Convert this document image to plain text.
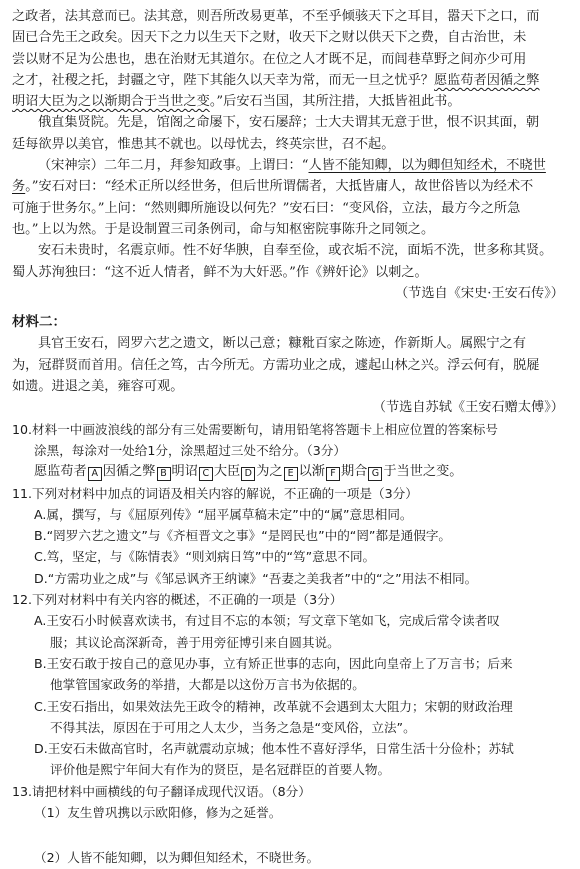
之政者，法其意而已。法其意，则吾所改易更革，不至乎倾骇天下之耳目，嚣天下之口，而
固已合先王之政矣。因天下之力以生天下之财，收天下之财以供天下之费，自古治世，未
尝以财不足为公患也，患在治财无其道尔。在位之人才既不足，而闾巷草野之间亦少可用
之才，社稷之托，封疆之守，陛下其能久以天幸为常，而无一旦之忧乎？愿监苟者因循之弊
明诏大臣为之以渐期合于当世之变。”后安石当国，其所注措，大抵皆祖此书。
俄直集贤院。先是，馆阁之命屡下，安石屡辞；士大夫谓其无意于世，恨不识其面，朝
廷每欲畀以美官，惟患其不就也。以母忧去，终英宗世，召不起。
（宋神宗）二年二月，拜参知政事。上谓曰：“人皆不能知卿，以为卿但知经术，不晓世
务。”安石对曰：“经术正所以经世务，但后世所谓儒者，大抵皆庸人，故世俗皆以为经术不
可施于世务尔。”上问：“然则卿所施设以何先？”安石曰：“变风俗，立法，最方今之所急
也。”上以为然。于是设制置三司条例司，命与知枢密院事陈升之同领之。
安石未贵时，名震京师。性不好华腴，自奉至俭，或衣垢不浣，面垢不洗，世多称其贤。
蜀人苏洵独曰：“这不近人情者，鲜不为大奸恶。”作《辨奸论》以刺之。
（节选自《宋史·王安石传》）
材料二：
具官王安石，罔罗六艺之遗文，断以己意；糠粃百家之陈迹，作新斯人。属熙宁之有
为，冠群贤而首用。信任之笃，古今所无。方需功业之成，遽起山林之兴。浮云何有，脱屣
如遗。进退之美，雍容可观。
（节选自苏轼《王安石赠太傅》）
10.材料一中画波浪线的部分有三处需要断句，请用铅笔将答题卡上相应位置的答案标号
涂黑，每涂对一处给1分，涂黑超过三处不给分。（3分）
愿监苟者 A 因循之弊 B 明诏 C 大臣 D 为之 E 以渐 F 期合 G 于当世之变。
11.下列对材料中加点的词语及相关内容的解说，不正确的一项是（3分）
A.属，撰写，与《屈原列传》“屈平属草稿未定”中的“属”意思相同。
B.“罔罗六艺之遗文”与《齐桓晋文之事》“是罔民也”中的“罔”都是通假字。
C.笃，坚定，与《陈情表》“则刘病日笃”中的“笃”意思不同。
D.“方需功业之成”与《邹忌讽齐王纳谏》“吾妻之美我者”中的“之”用法不相同。
12.下列对材料中有关内容的概述，不正确的一项是（3分）
A.王安石小时候喜欢读书，有过目不忘的本领；写文章下笔如飞，完成后常令读者叹
服；其议论高深新奇，善于用旁征博引来自圆其说。
B.王安石敢于按自己的意见办事，立有矫正世事的志向，因此向皇帝上了万言书；后来
他掌管国家政务的举措，大都是以这份万言书为依据的。
C.王安石指出，如果效法先王政令的精神，改革就不会遇到太大阻力；宋朝的财政治理
不得其法，原因在于可用之人太少，当务之急是“变风俗，立法”。
D.王安石未做高官时，名声就震动京城；他本性不喜好浮华，日常生活十分俭朴；苏轼
评价他是熙宁年间大有作为的贤臣，是名冠群臣的首要人物。
13.请把材料中画横线的句子翻译成现代汉语。（8分）
（1）友生曾巩携以示欧阳修，修为之延誉。
（2）人皆不能知卿，以为卿但知经术，不晓世务。
